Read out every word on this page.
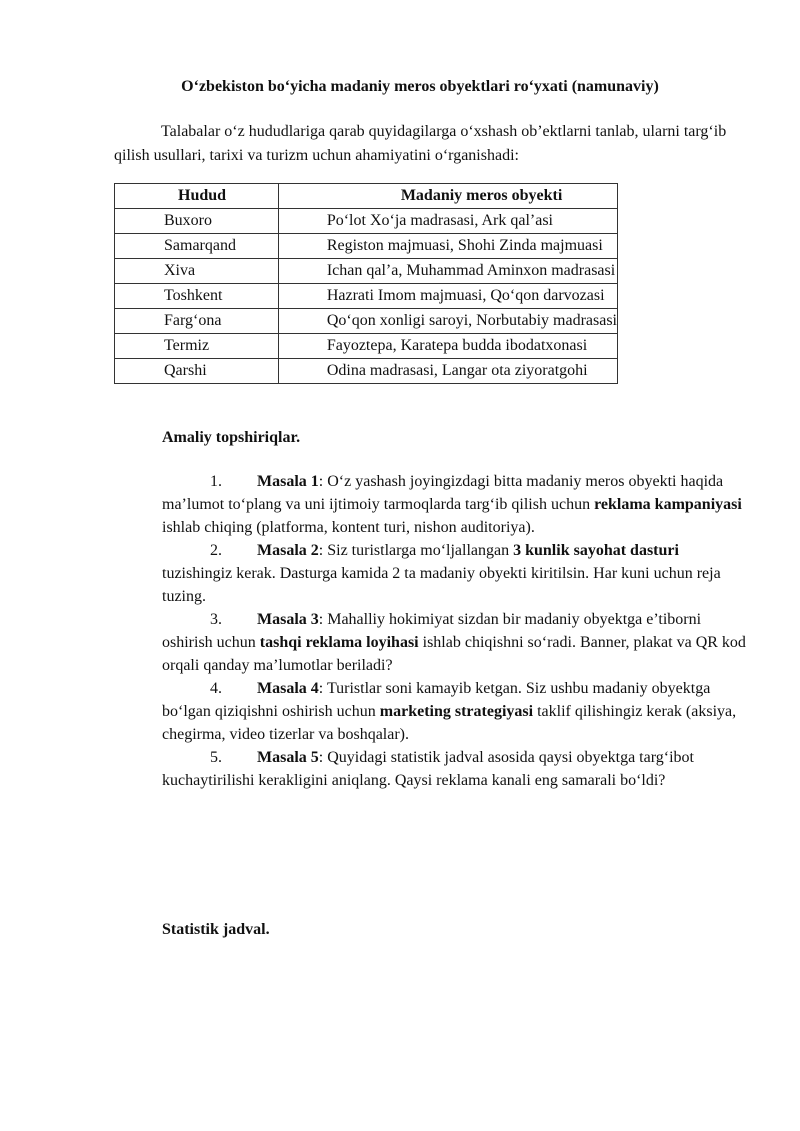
O‘zbekiston bo‘yicha madaniy meros obyektlari ro‘yxati (namunaviy)
Talabalar o‘z hududlariga qarab quyidagilarga o‘xshash ob’ektlarni tanlab, ularni targ‘ib qilish usullari, tarixi va turizm uchun ahamiyatini o‘rganishadi:
Hudud	Madaniy meros obyekti
Buxoro	Po‘lot Xo‘ja madrasasi, Ark qal’asi
Samarqand	Registon majmuasi, Shohi Zinda majmuasi
Xiva	Ichan qal’a, Muhammad Aminxon madrasasi
Toshkent	Hazrati Imom majmuasi, Qo‘qon darvozasi
Farg‘ona	Qo‘qon xonligi saroyi, Norbutabiy madrasasi
Termiz	Fayoztepa, Karatepa budda ibodatxonasi
Qarshi	Odina madrasasi, Langar ota ziyoratgohi
Amaliy topshiriqlar.

1. Masala 1: O‘z yashash joyingizdagi bitta madaniy meros obyekti haqida ma’lumot to‘plang va uni ijtimoiy tarmoqlarda targ‘ib qilish uchun reklama kampaniyasi ishlab chiqing (platforma, kontent turi, nishon auditoriya).

2. Masala 2: Siz turistlarga mo‘ljallangan 3 kunlik sayohat dasturi tuzishingiz kerak. Dasturga kamida 2 ta madaniy obyekti kiritilsin. Har kuni uchun reja tuzing.

3. Masala 3: Mahalliy hokimiyat sizdan bir madaniy obyektga e’tiborni oshirish uchun tashqi reklama loyihasi ishlab chiqishni so‘radi. Banner, plakat va QR kod orqali qanday ma’lumotlar beriladi?

4. Masala 4: Turistlar soni kamayib ketgan. Siz ushbu madaniy obyektga bo‘lgan qiziqishni oshirish uchun marketing strategiyasi taklif qilishingiz kerak (aksiya, chegirma, video tizerlar va boshqalar).

5. Masala 5: Quyidagi statistik jadval asosida qaysi obyektga targ‘ibot kuchaytirilishi kerakligini aniqlang. Qaysi reklama kanali eng samarali bo‘ldi?

Statistik jadval.
